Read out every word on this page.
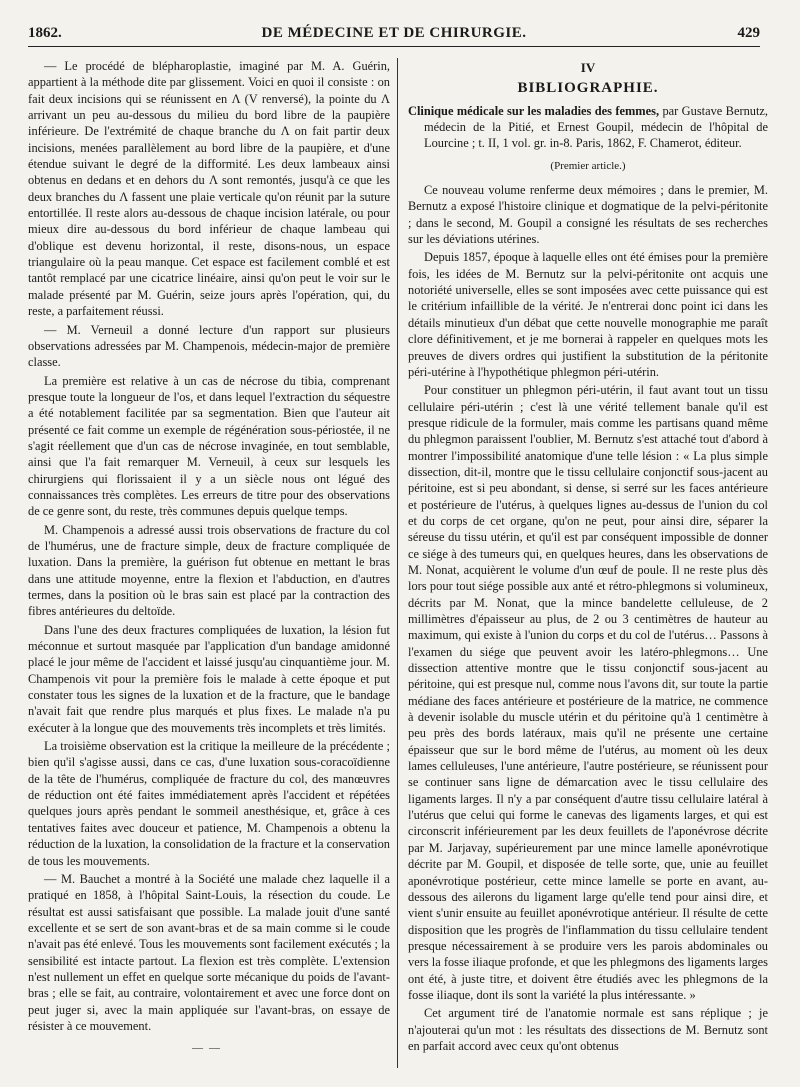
1862.	DE MÉDECINE ET DE CHIRURGIE.	429

— Le procédé de blépharoplastie, imaginé par M. A. Guérin, appartient à la méthode dite par glissement. Voici en quoi il consiste : on fait deux incisions qui se réunissent en Λ (V renversé), la pointe du Λ arrivant un peu au-dessous du milieu du bord libre de la paupière inférieure. De l'extrémité de chaque branche du Λ on fait partir deux incisions, menées parallèlement au bord libre de la paupière, et d'une étendue suivant le degré de la difformité. Les deux lambeaux ainsi obtenus en dedans et en dehors du Λ sont remontés, jusqu'à ce que les deux branches du Λ fassent une plaie verticale qu'on réunit par la suture entortillée. Il reste alors au-dessous de chaque incision latérale, ou pour mieux dire au-dessous du bord inférieur de chaque lambeau qui d'oblique est devenu horizontal, il reste, disons-nous, un espace triangulaire où la peau manque. Cet espace est facilement comblé et est tantôt remplacé par une cicatrice linéaire, ainsi qu'on peut le voir sur le malade présenté par M. Guérin, seize jours après l'opération, qui, du reste, a parfaitement réussi.

— M. Verneuil a donné lecture d'un rapport sur plusieurs observations adressées par M. Champenois, médecin-major de première classe.

La première est relative à un cas de nécrose du tibia, comprenant presque toute la longueur de l'os, et dans lequel l'extraction du séquestre a été notablement facilitée par sa segmentation. Bien que l'auteur ait présenté ce fait comme un exemple de régénération sous-périostée, il ne s'agit réellement que d'un cas de nécrose invaginée, en tout semblable, ainsi que l'a fait remarquer M. Verneuil, à ceux sur lesquels les chirurgiens qui florissaient il y a un siècle nous ont légué des connaissances très complètes. Les erreurs de titre pour des observations de ce genre sont, du reste, très communes depuis quelque temps.

M. Champenois a adressé aussi trois observations de fracture du col de l'humérus, une de fracture simple, deux de fracture compliquée de luxation. Dans la première, la guérison fut obtenue en mettant le bras dans une attitude moyenne, entre la flexion et l'abduction, en d'autres termes, dans la position où le bras sain est placé par la contraction des fibres antérieures du deltoïde.

Dans l'une des deux fractures compliquées de luxation, la lésion fut méconnue et surtout masquée par l'application d'un bandage amidonné placé le jour même de l'accident et laissé jusqu'au cinquantième jour. M. Champenois vit pour la première fois le malade à cette époque et put constater tous les signes de la luxation et de la fracture, que le bandage n'avait fait que rendre plus marqués et plus fixes. Le malade n'a pu exécuter à la longue que des mouvements très incomplets et très limités.

La troisième observation est la critique la meilleure de la précédente ; bien qu'il s'agisse aussi, dans ce cas, d'une luxation sous-coracoïdienne de la tête de l'humérus, compliquée de fracture du col, des manœuvres de réduction ont été faites immédiatement après l'accident et répétées quelques jours après pendant le sommeil anesthésique, et, grâce à ces tentatives faites avec douceur et patience, M. Champenois a obtenu la réduction de la luxation, la consolidation de la fracture et la conservation de tous les mouvements.

— M. Bauchet a montré à la Société une malade chez laquelle il a pratiqué en 1858, à l'hôpital Saint-Louis, la résection du coude. Le résultat est aussi satisfaisant que possible. La malade jouit d'une santé excellente et se sert de son avant-bras et de sa main comme si le coude n'avait pas été enlevé. Tous les mouvements sont facilement exécutés ; la sensibilité est intacte partout. La flexion est très complète. L'extension n'est nullement un effet en quelque sorte mécanique du poids de l'avant-bras ; elle se fait, au contraire, volontairement et avec une force dont on peut juger si, avec la main appliquée sur l'avant-bras, on essaye de résister à ce mouvement.

——

IV
BIBLIOGRAPHIE.

Clinique médicale sur les maladies des femmes, par Gustave Bernutz, médecin de la Pitié, et Ernest Goupil, médecin de l'hôpital de Lourcine ; t. II, 1 vol. gr. in-8. Paris, 1862, F. Chamerot, éditeur.

(Premier article.)

Ce nouveau volume renferme deux mémoires ; dans le premier, M. Bernutz a exposé l'histoire clinique et dogmatique de la pelvi-péritonite ; dans le second, M. Goupil a consigné les résultats de ses recherches sur les déviations utérines.

Depuis 1857, époque à laquelle elles ont été émises pour la première fois, les idées de M. Bernutz sur la pelvi-péritonite ont acquis une notoriété universelle, elles se sont imposées avec cette puissance qui est le critérium infaillible de la vérité. Je n'entrerai donc point ici dans les détails minutieux d'un débat que cette nouvelle monographie me paraît clore définitivement, et je me bornerai à rappeler en quelques mots les preuves de divers ordres qui justifient la substitution de la péritonite péri-utérine à l'hypothétique phlegmon péri-utérin.

Pour constituer un phlegmon péri-utérin, il faut avant tout un tissu cellulaire péri-utérin ; c'est là une vérité tellement banale qu'il est presque ridicule de la formuler, mais comme les partisans quand même du phlegmon paraissent l'oublier, M. Bernutz s'est attaché tout d'abord à montrer l'impossibilité anatomique d'une telle lésion : « La plus simple dissection, dit-il, montre que le tissu cellulaire conjonctif sous-jacent au péritoine, est si peu abondant, si dense, si serré sur les faces antérieure et postérieure de l'utérus, à quelques lignes au-dessus de l'union du col et du corps de cet organe, qu'on ne peut, pour ainsi dire, séparer la séreuse du tissu utérin, et qu'il est par conséquent impossible de donner ce siége à des tumeurs qui, en quelques heures, dans les observations de M. Nonat, acquièrent le volume d'un œuf de poule. Il ne reste plus dès lors pour tout siége possible aux anté et rétro-phlegmons si volumineux, décrits par M. Nonat, que la mince bandelette celluleuse, de 2 millimètres d'épaisseur au plus, de 2 ou 3 centimètres de hauteur au maximum, qui existe à l'union du corps et du col de l'utérus… Passons à l'examen du siége que peuvent avoir les latéro-phlegmons… Une dissection attentive montre que le tissu conjonctif sous-jacent au péritoine, qui est presque nul, comme nous l'avons dit, sur toute la partie médiane des faces antérieure et postérieure de la matrice, ne commence à devenir isolable du muscle utérin et du péritoine qu'à 1 centimètre à peu près des bords latéraux, mais qu'il ne présente une certaine épaisseur que sur le bord même de l'utérus, au moment où les deux lames celluleuses, l'une antérieure, l'autre postérieure, se réunissent pour se continuer sans ligne de démarcation avec le tissu cellulaire des ligaments larges. Il n'y a par conséquent d'autre tissu cellulaire latéral à l'utérus que celui qui forme le canevas des ligaments larges, et qui est circonscrit inférieurement par les deux feuillets de l'aponévrose décrite par M. Jarjavay, supérieurement par une mince lamelle aponévrotique décrite par M. Goupil, et disposée de telle sorte, que, unie au feuillet aponévrotique postérieur, cette mince lamelle se porte en avant, au-dessous des ailerons du ligament large qu'elle tend pour ainsi dire, et vient s'unir ensuite au feuillet aponévrotique antérieur. Il résulte de cette disposition que les progrès de l'inflammation du tissu cellulaire tendent presque nécessairement à se produire vers les parois abdominales ou vers la fosse iliaque profonde, et que les phlegmons des ligaments larges ont été, à juste titre, et doivent être étudiés avec les phlegmons de la fosse iliaque, dont ils sont la variété la plus intéressante. »

Cet argument tiré de l'anatomie normale est sans réplique ; je n'ajouterai qu'un mot : les résultats des dissections de M. Bernutz sont en parfait accord avec ceux qu'ont obtenus
